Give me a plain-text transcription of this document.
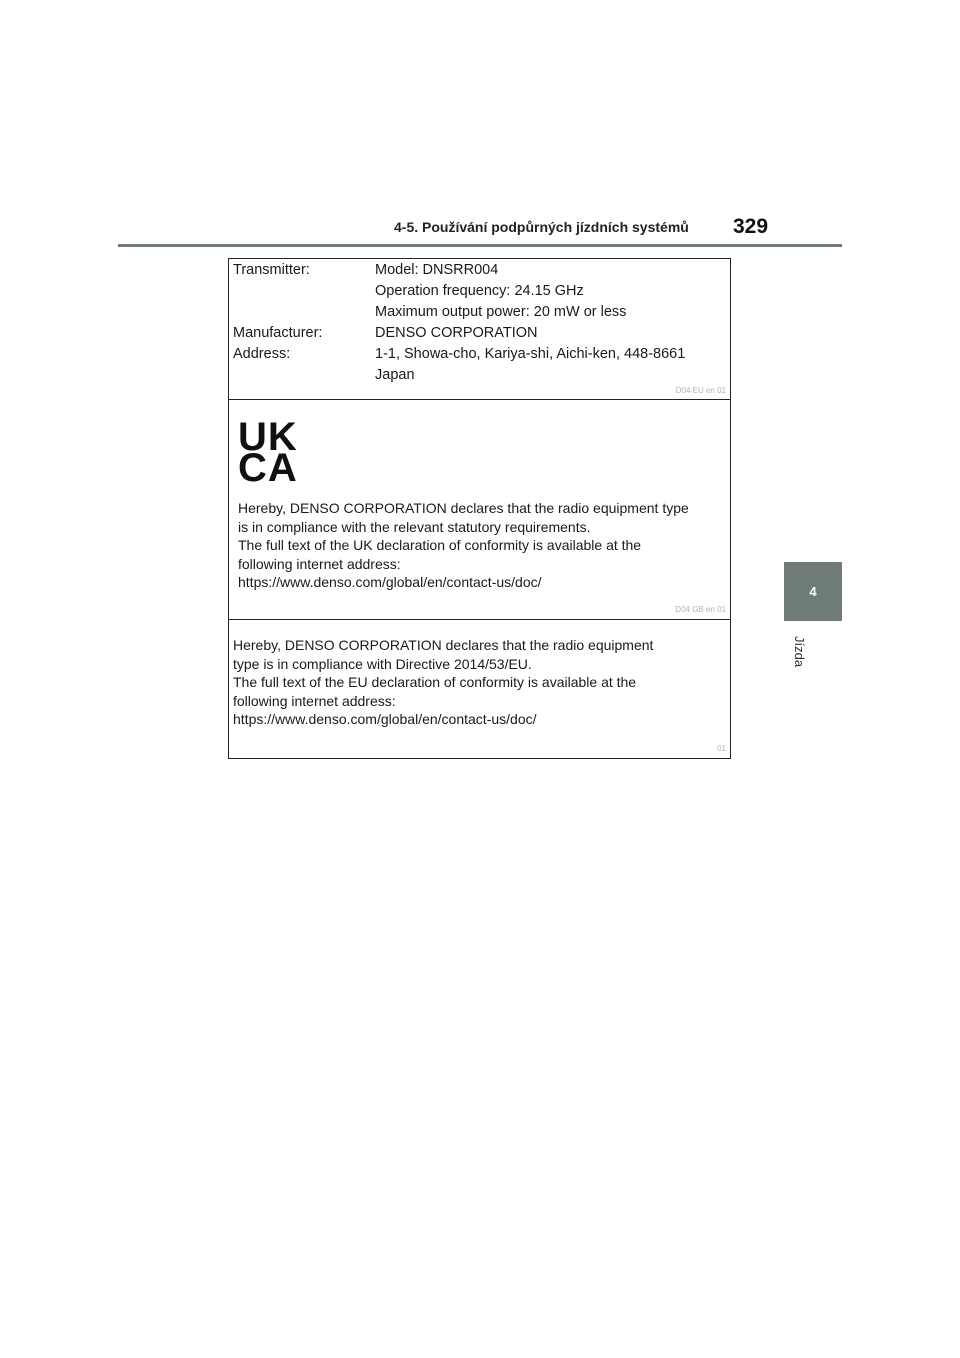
4-5. Používání podpůrných jízdních systémů 329
4
Jízda
Transmitter:	Model: DNSRR004
Operation frequency: 24.15 GHz
Maximum output power: 20 mW or less
Manufacturer:	DENSO CORPORATION
Address:	1-1, Showa-cho, Kariya-shi, Aichi-ken, 448-8661
Japan
D04 EU en 01
UK
CA
Hereby, DENSO CORPORATION declares that the radio equipment type
is in compliance with the relevant statutory requirements.
The full text of the UK declaration of conformity is available at the
following internet address:
https://www.denso.com/global/en/contact-us/doc/
D04 GB en 01
Hereby, DENSO CORPORATION declares that the radio equipment
type is in compliance with Directive 2014/53/EU.
The full text of the EU declaration of conformity is available at the
following internet address:
https://www.denso.com/global/en/contact-us/doc/
01
